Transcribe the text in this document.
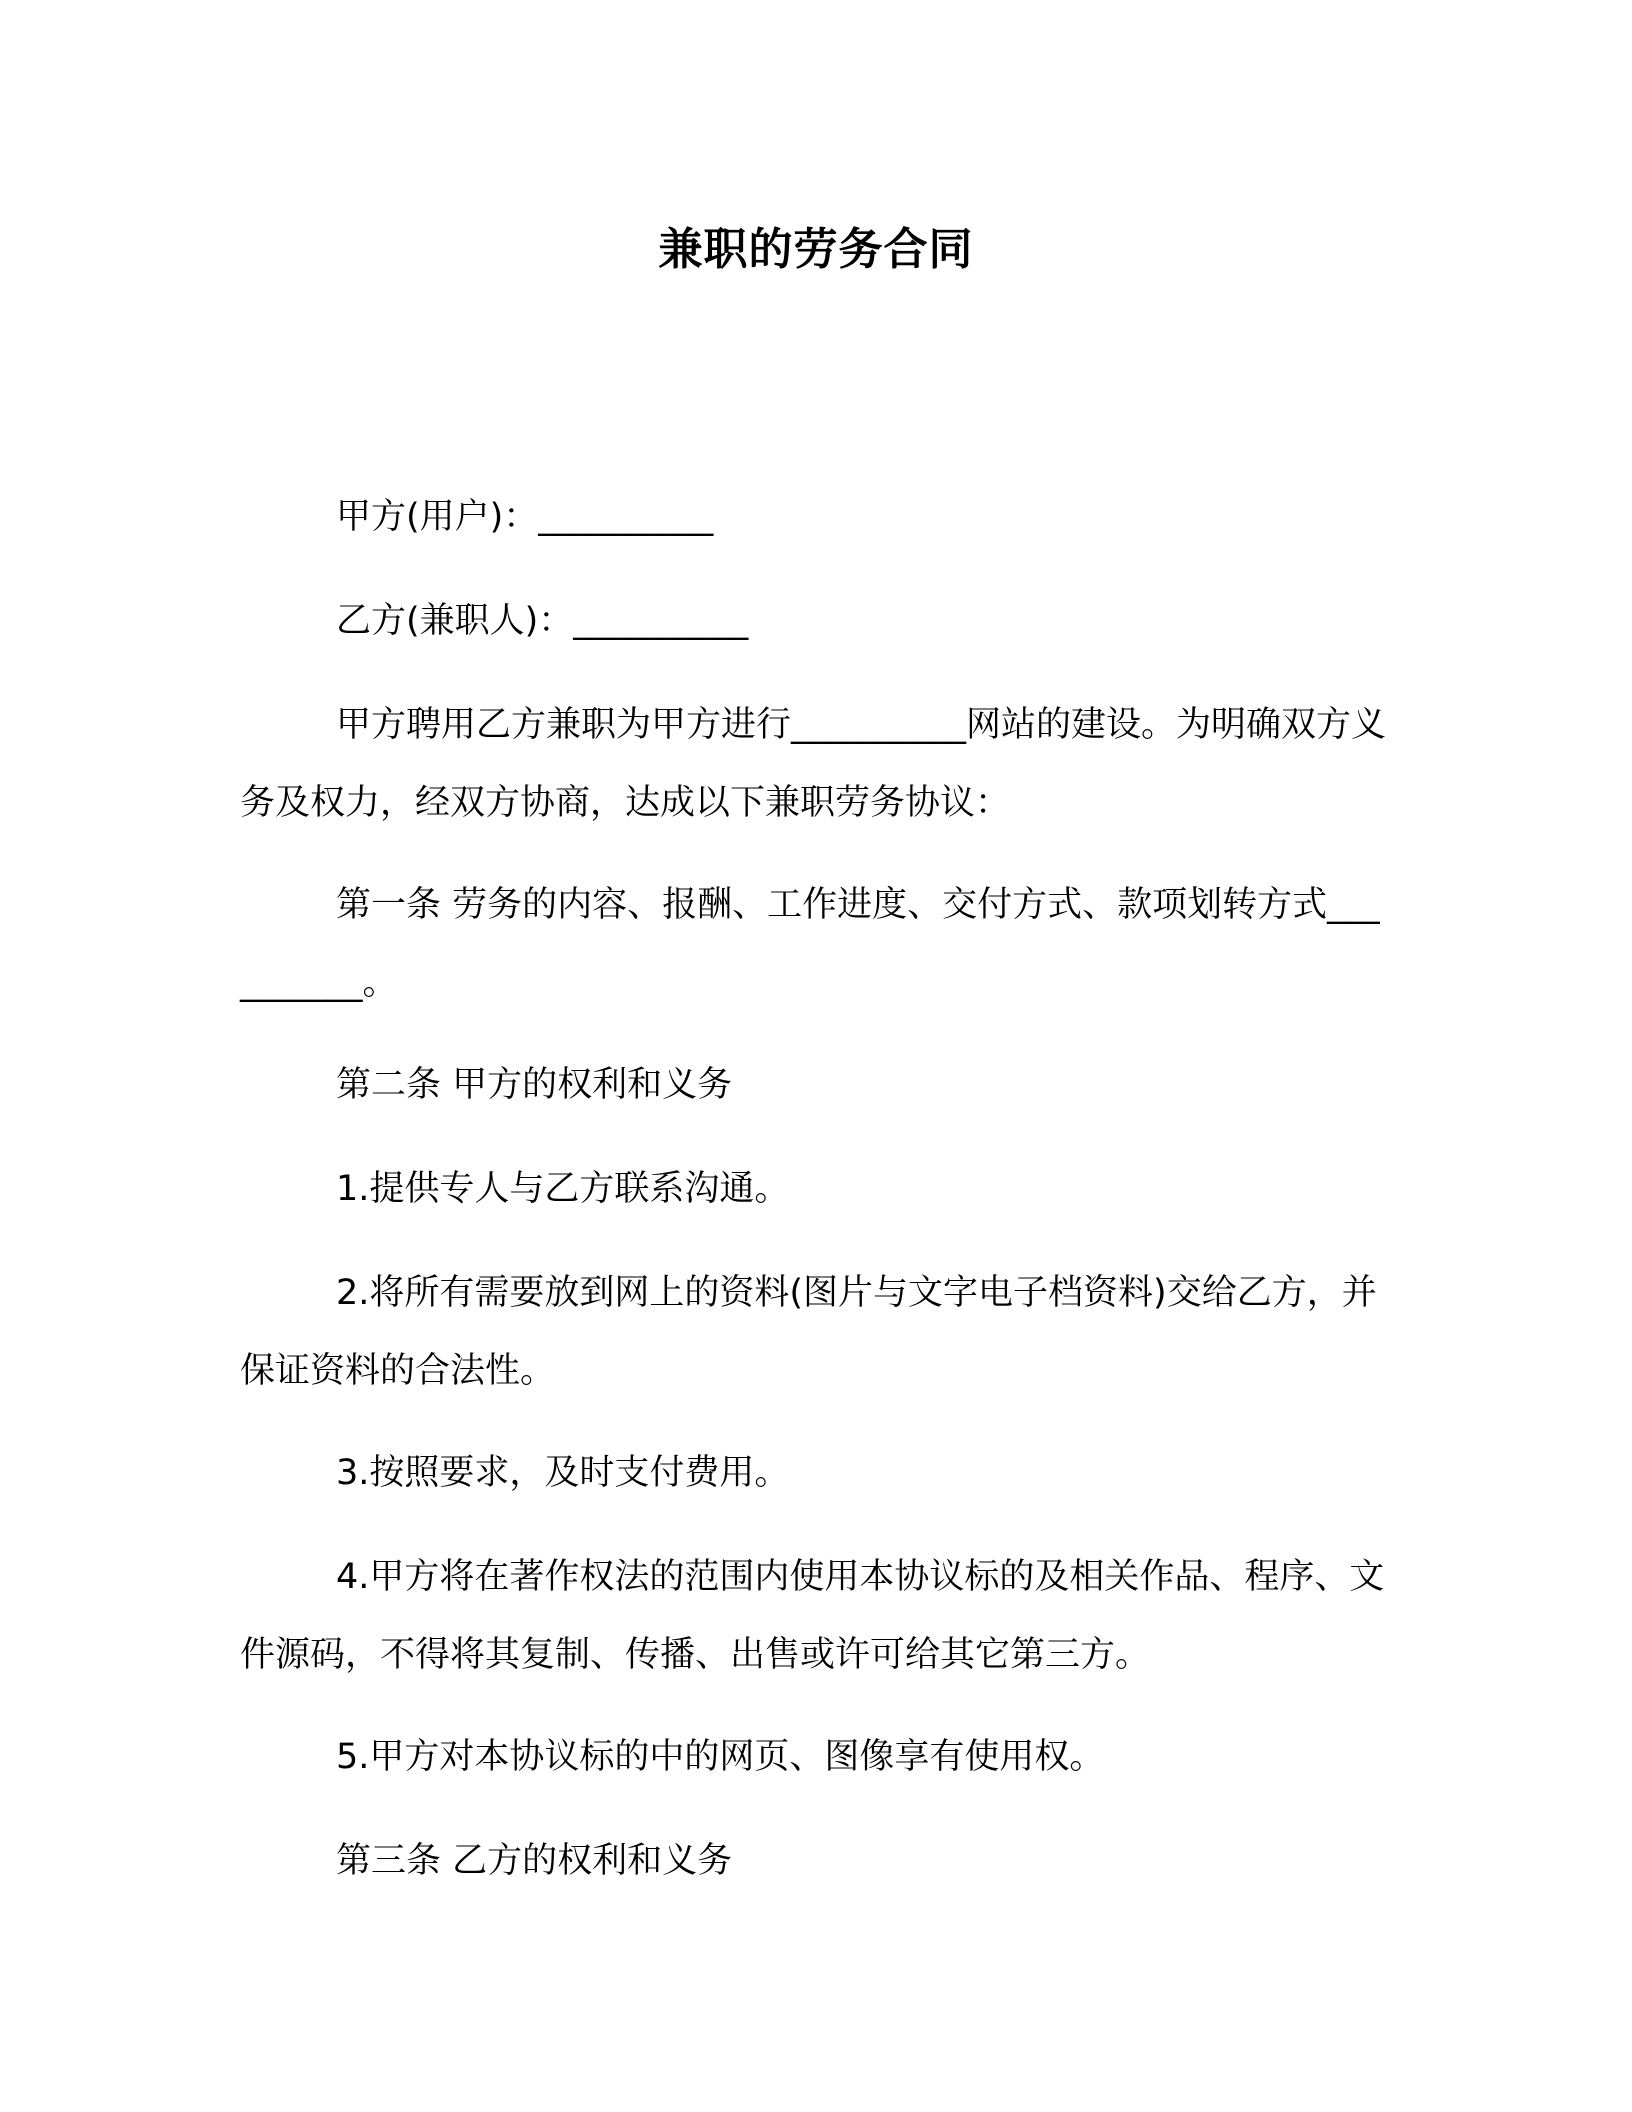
兼职的劳务合同
甲方(用户)：__________
乙方(兼职人)：__________
甲方聘用乙方兼职为甲方进行__________网站的建设。为明确双方义务及权力，经双方协商，达成以下兼职劳务协议：
第一条 劳务的内容、报酬、工作进度、交付方式、款项划转方式__________。
第二条 甲方的权利和义务
1.提供专人与乙方联系沟通。
2.将所有需要放到网上的资料(图片与文字电子档资料)交给乙方，并保证资料的合法性。
3.按照要求，及时支付费用。
4.甲方将在著作权法的范围内使用本协议标的及相关作品、程序、文件源码，不得将其复制、传播、出售或许可给其它第三方。
5.甲方对本协议标的中的网页、图像享有使用权。
第三条 乙方的权利和义务
